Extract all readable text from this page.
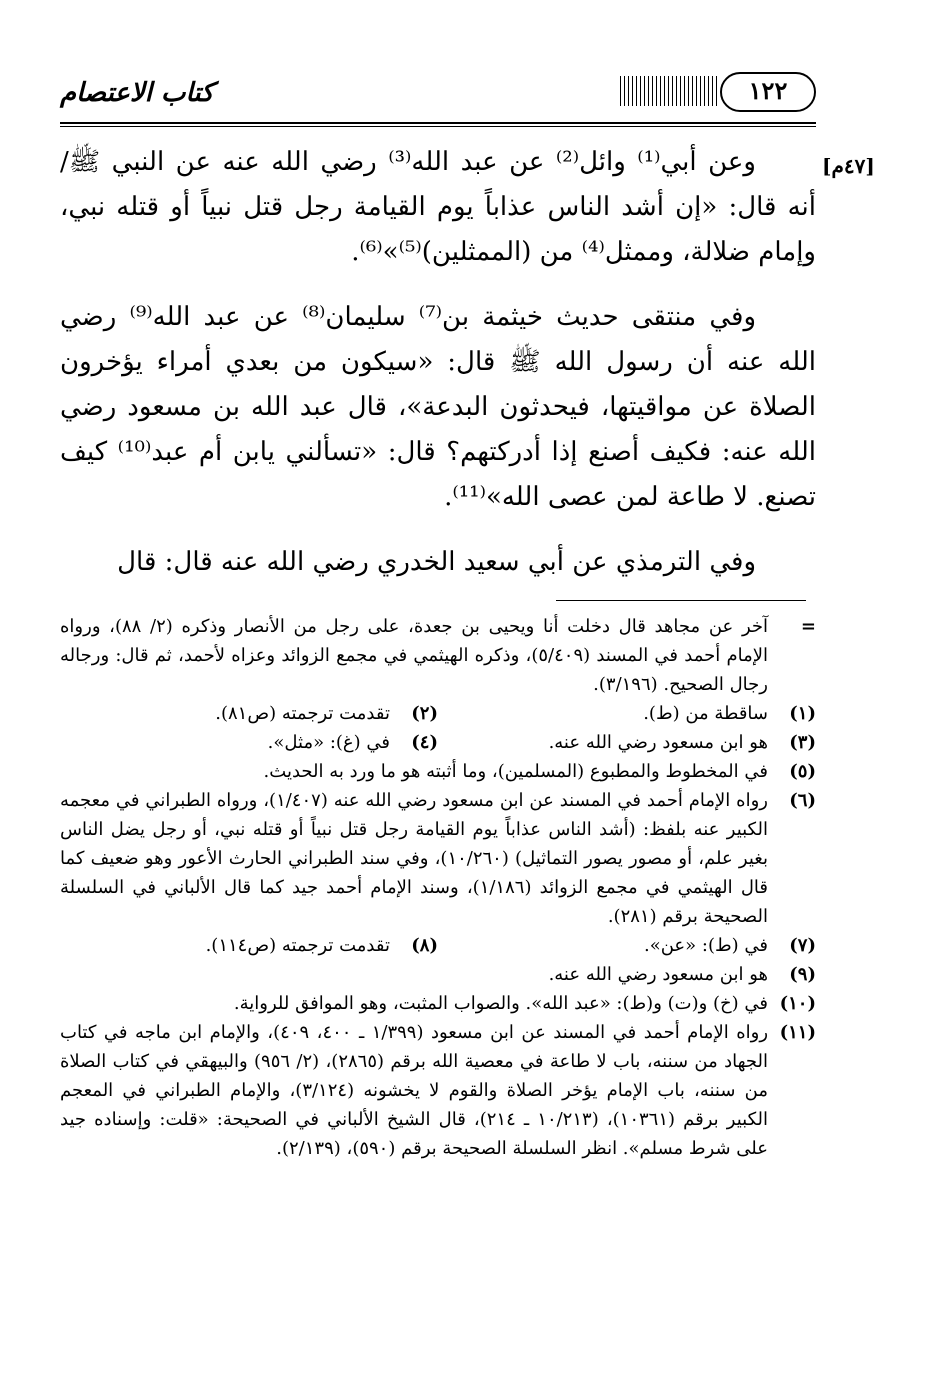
كتاب الاعتصام	١٢٢
[٤٧م]

وعن أبي⁽¹⁾ وائل⁽²⁾ عن عبد الله⁽³⁾ رضي الله عنه عن النبي ﷺ/ أنه قال: «إن أشد الناس عذاباً يوم القيامة رجل قتل نبياً أو قتله نبي، وإمام ضلالة، وممثل⁽⁴⁾ من (الممثلين)⁽⁵⁾»⁽⁶⁾.

وفي منتقى حديث خيثمة بن⁽⁷⁾ سليمان⁽⁸⁾ عن عبد الله⁽⁹⁾ رضي الله عنه أن رسول الله ﷺ قال: «سيكون من بعدي أمراء يؤخرون الصلاة عن مواقيتها، فيحدثون البدعة»، قال عبد الله بن مسعود رضي الله عنه: فكيف أصنع إذا أدركتهم؟ قال: «تسألني يابن أم عبد⁽¹⁰⁾ كيف تصنع. لا طاعة لمن عصى الله»⁽¹¹⁾.

وفي الترمذي عن أبي سعيد الخدري رضي الله عنه قال: قال

=
آخر عن مجاهد قال دخلت أنا ويحيى بن جعدة، على رجل من الأنصار وذكره (٢/ ٨٨)، ورواه الإمام أحمد في المسند (٥/٤٠٩)، وذكره الهيثمي في مجمع الزوائد وعزاه لأحمد، ثم قال: ورجاله رجال الصحيح. (٣/١٩٦).
(١)
ساقطة من (ط).
(٢)
تقدمت ترجمته (ص٨١).
(٣)
هو ابن مسعود رضي الله عنه.
(٤)
في (غ): «مثل».
(٥)
في المخطوط والمطبوع (المسلمين)، وما أثبته هو ما ورد به الحديث.
(٦)
رواه الإمام أحمد في المسند عن ابن مسعود رضي الله عنه (١/٤٠٧)، ورواه الطبراني في معجمه الكبير عنه بلفظ: (أشد الناس عذاباً يوم القيامة رجل قتل نبياً أو قتله نبي، أو رجل يضل الناس بغير علم، أو مصور يصور التماثيل) (١٠/٢٦٠)، وفي سند الطبراني الحارث الأعور وهو ضعيف كما قال الهيثمي في مجمع الزوائد (١/١٨٦)، وسند الإمام أحمد جيد كما قال الألباني في السلسلة الصحيحة برقم (٢٨١).
(٧)
في (ط): «عن».
(٨)
تقدمت ترجمته (ص١١٤).
(٩)
هو ابن مسعود رضي الله عنه.
(١٠)
في (خ) و(ت) و(ط): «عبد الله». والصواب المثبت، وهو الموافق للرواية.
(١١)
رواه الإمام أحمد في المسند عن ابن مسعود (١/٣٩٩ ـ ٤٠٠، ٤٠٩)، والإمام ابن ماجه في كتاب الجهاد من سننه، باب لا طاعة في معصية الله برقم (٢٨٦٥)، (٢/ ٩٥٦) والبيهقي في كتاب الصلاة من سننه، باب الإمام يؤخر الصلاة والقوم لا يخشونه (٣/١٢٤)، والإمام الطبراني في المعجم الكبير برقم (١٠٣٦١)، (١٠/٢١٣ ـ ٢١٤)، قال الشيخ الألباني في الصحيحة: «قلت: وإسناده جيد على شرط مسلم». انظر السلسلة الصحيحة برقم (٥٩٠)، (٢/١٣٩).
